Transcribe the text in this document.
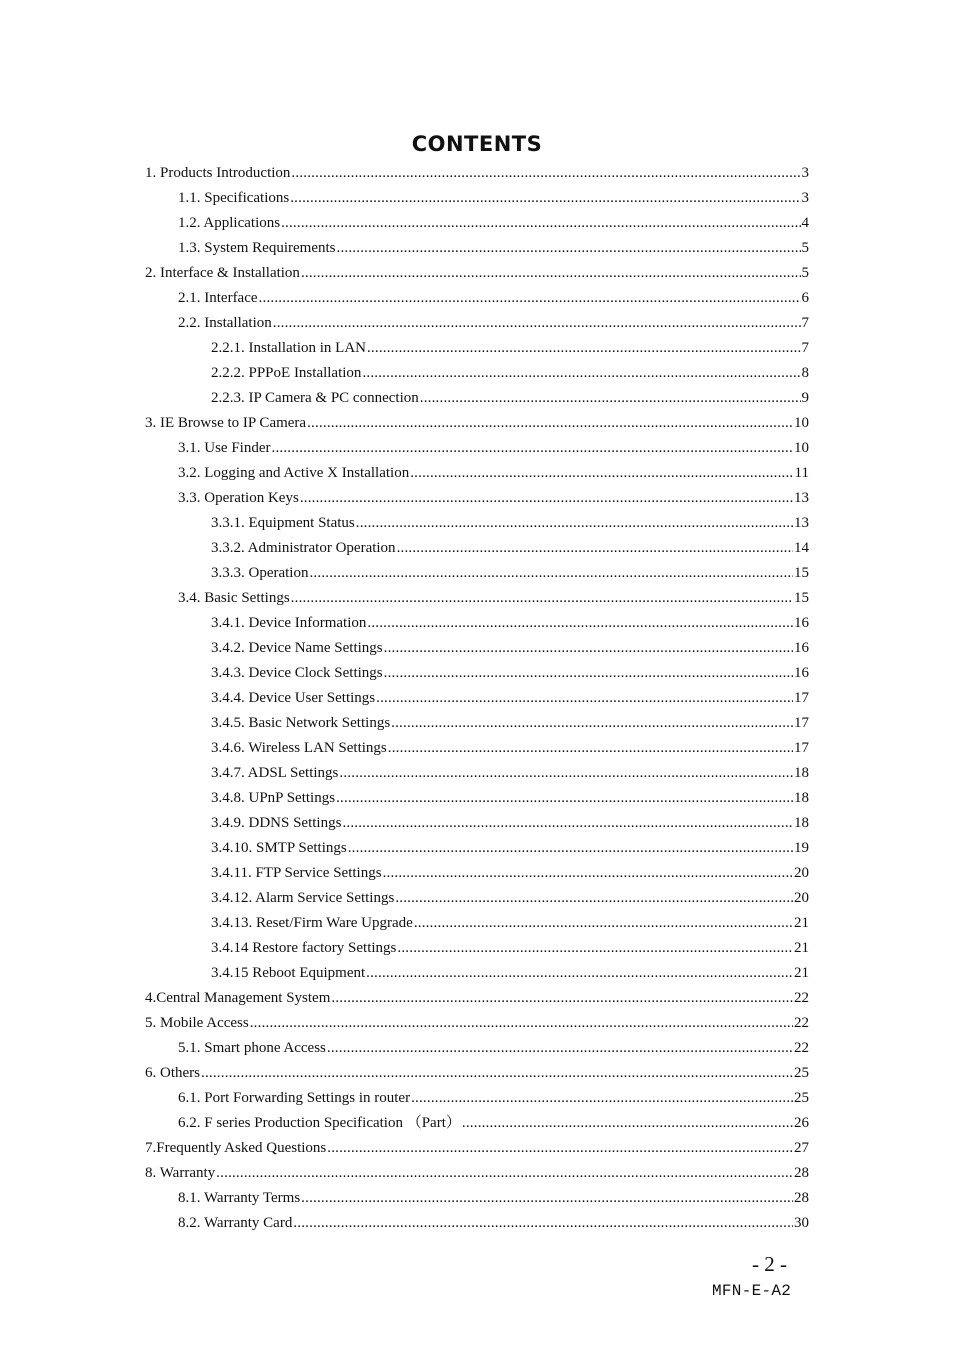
CONTENTS
1. Products Introduction .....	3
1.1. Specifications .....	3
1.2. Applications .....	4
1.3. System Requirements .....	5
2. Interface & Installation .....	5
2.1. Interface .....	6
2.2. Installation .....	7
2.2.1. Installation in LAN .....	7
2.2.2. PPPoE Installation .....	8
2.2.3. IP Camera & PC connection .....	9
3. IE Browse to IP Camera .....	10
3.1. Use Finder .....	10
3.2. Logging and Active X Installation .....	11
3.3. Operation Keys .....	13
3.3.1. Equipment Status .....	13
3.3.2. Administrator Operation .....	14
3.3.3. Operation .....	15
3.4. Basic Settings .....	15
3.4.1. Device Information .....	16
3.4.2. Device Name Settings .....	16
3.4.3. Device Clock Settings .....	16
3.4.4. Device User Settings .....	17
3.4.5. Basic Network Settings .....	17
3.4.6. Wireless LAN Settings .....	17
3.4.7. ADSL Settings .....	18
3.4.8. UPnP Settings .....	18
3.4.9. DDNS Settings .....	18
3.4.10. SMTP Settings .....	19
3.4.11. FTP Service Settings .....	20
3.4.12. Alarm Service Settings .....	20
3.4.13. Reset/Firm Ware Upgrade .....	21
3.4.14 Restore factory Settings .....	21
3.4.15 Reboot Equipment .....	21
4.Central Management System .....	22
5. Mobile Access .....	22
5.1. Smart phone Access .....	22
6. Others .....	25
6.1. Port Forwarding Settings in router .....	25
6.2. F series Production Specification （Part） .....	26
7.Frequently Asked Questions .....	27
8. Warranty .....	28
8.1. Warranty Terms .....	28
8.2. Warranty Card .....	30
- 2 -
MFN-E-A2
